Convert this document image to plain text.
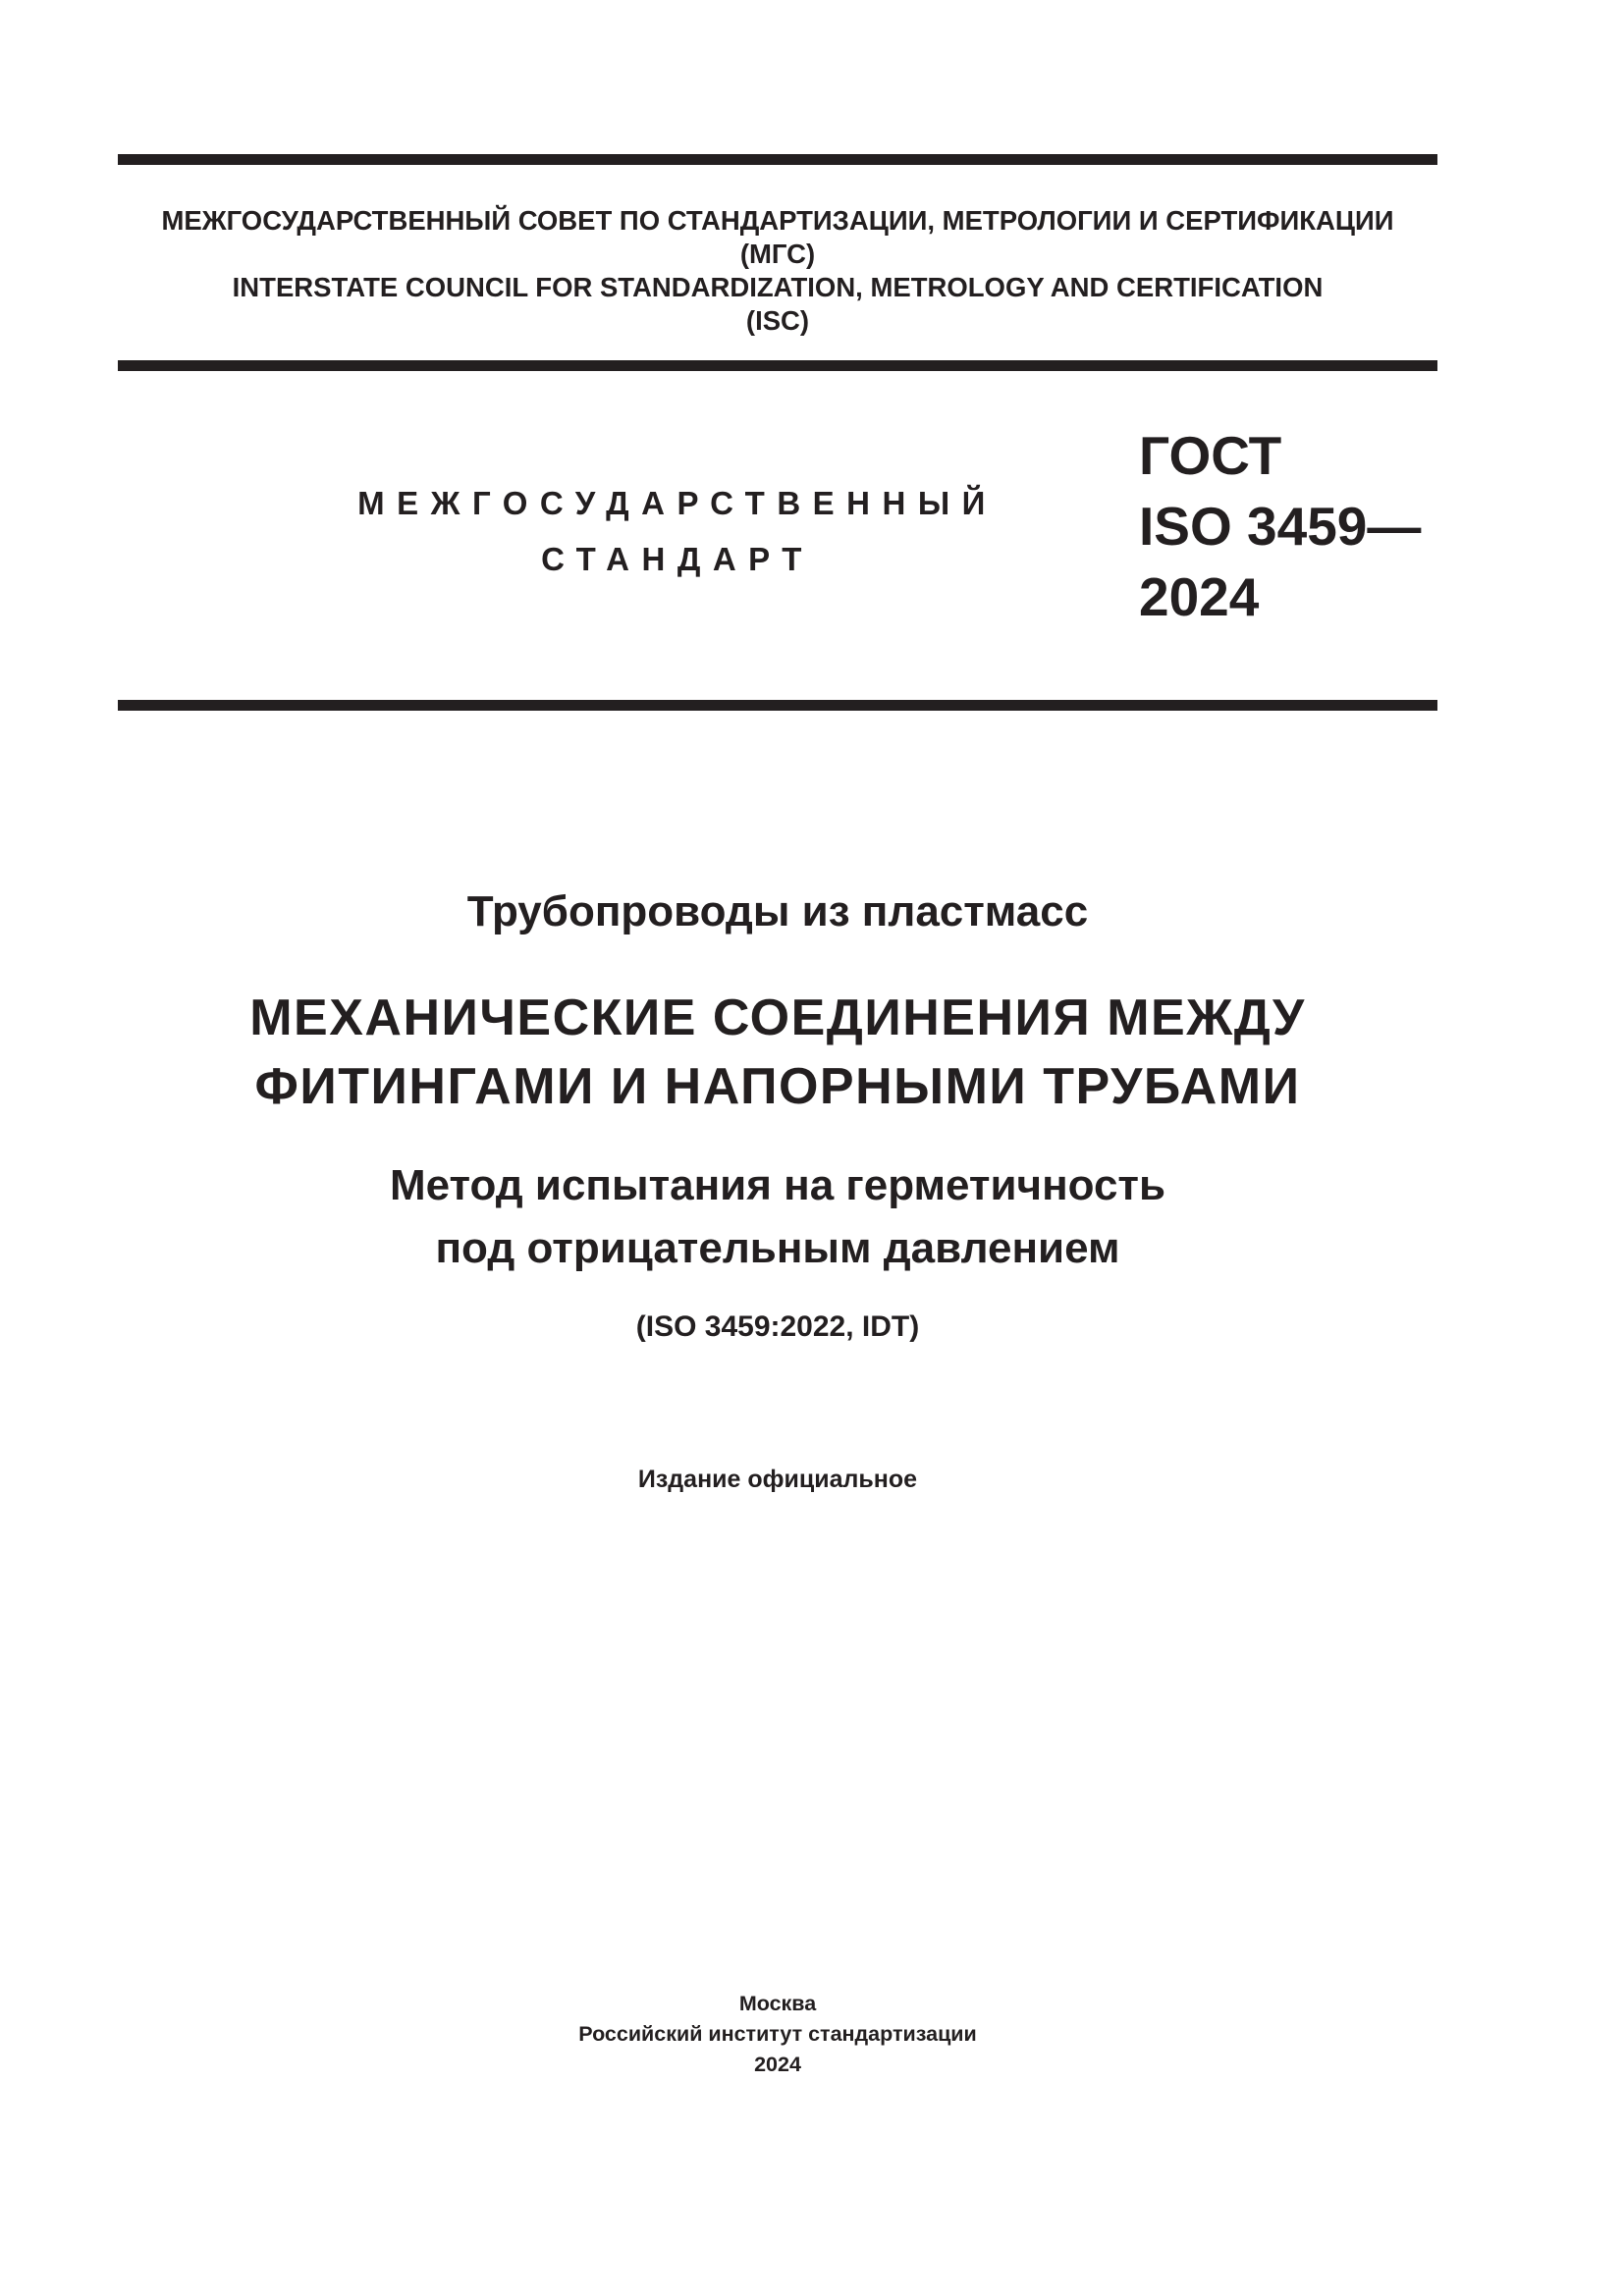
МЕЖГОСУДАРСТВЕННЫЙ СОВЕТ ПО СТАНДАРТИЗАЦИИ, МЕТРОЛОГИИ И СЕРТИФИКАЦИИ
(МГС)
INTERSTATE COUNCIL FOR STANDARDIZATION, METROLOGY AND CERTIFICATION
(ISC)
МЕЖГОСУДАРСТВЕННЫЙ
СТАНДАРТ
ГОСТ
ISO 3459—
2024
Трубопроводы из пластмасс
МЕХАНИЧЕСКИЕ СОЕДИНЕНИЯ МЕЖДУ
ФИТИНГАМИ И НАПОРНЫМИ ТРУБАМИ
Метод испытания на герметичность
под отрицательным давлением
(ISO 3459:2022, IDT)
Издание официальное
Москва
Российский институт стандартизации
2024
